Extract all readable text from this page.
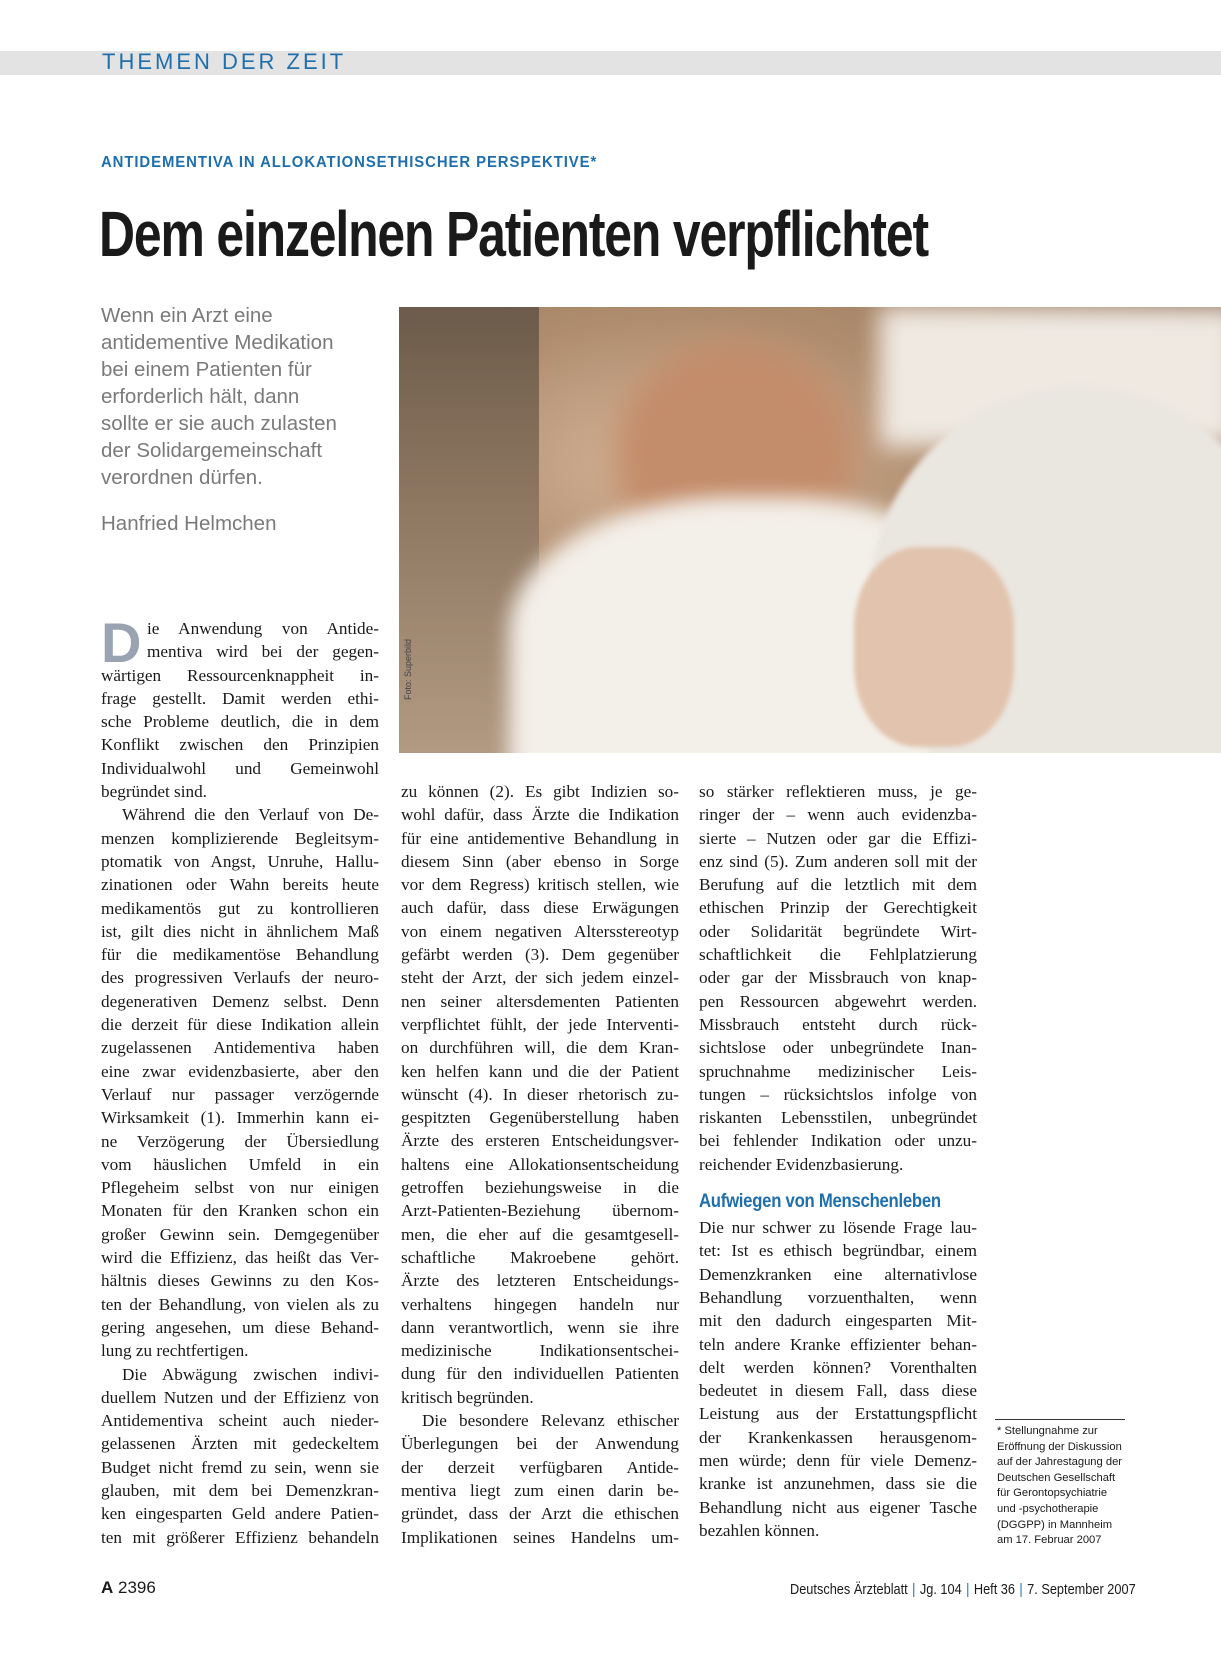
THEMEN DER ZEIT
ANTIDEMENTIVA IN ALLOKATIONSETHISCHER PERSPEKTIVE*
Dem einzelnen Patienten verpflichtet
Wenn ein Arzt eine
antidementive Medikation
bei einem Patienten für
erforderlich hält, dann
sollte er sie auch zulasten
der Solidargemeinschaft
verordnen dürfen.
Hanfried Helmchen
Foto: Superbild
D ie Anwendung von Antide-
mentiva wird bei der gegen-
wärtigen Ressourcenknappheit in-
frage gestellt. Damit werden ethi-
sche Probleme deutlich, die in dem
Konflikt zwischen den Prinzipien
Individualwohl und Gemeinwohl
begründet sind.
Während die den Verlauf von De-
menzen komplizierende Begleitsym-
ptomatik von Angst, Unruhe, Hallu-
zinationen oder Wahn bereits heute
medikamentös gut zu kontrollieren
ist, gilt dies nicht in ähnlichem Maß
für die medikamentöse Behandlung
des progressiven Verlaufs der neuro-
degenerativen Demenz selbst. Denn
die derzeit für diese Indikation allein
zugelassenen Antidementiva haben
eine zwar evidenzbasierte, aber den
Verlauf nur passager verzögernde
Wirksamkeit (1). Immerhin kann ei-
ne Verzögerung der Übersiedlung
vom häuslichen Umfeld in ein
Pflegeheim selbst von nur einigen
Monaten für den Kranken schon ein
großer Gewinn sein. Demgegenüber
wird die Effizienz, das heißt das Ver-
hältnis dieses Gewinns zu den Kos-
ten der Behandlung, von vielen als zu
gering angesehen, um diese Behand-
lung zu rechtfertigen.
Die Abwägung zwischen indivi-
duellem Nutzen und der Effizienz von
Antidementiva scheint auch nieder-
gelassenen Ärzten mit gedeckeltem
Budget nicht fremd zu sein, wenn sie
glauben, mit dem bei Demenzkran-
ken eingesparten Geld andere Patien-
ten mit größerer Effizienz behandeln
zu können (2). Es gibt Indizien so-
wohl dafür, dass Ärzte die Indikation
für eine antidementive Behandlung in
diesem Sinn (aber ebenso in Sorge
vor dem Regress) kritisch stellen, wie
auch dafür, dass diese Erwägungen
von einem negativen Altersstereotyp
gefärbt werden (3). Dem gegenüber
steht der Arzt, der sich jedem einzel-
nen seiner altersdementen Patienten
verpflichtet fühlt, der jede Interventi-
on durchführen will, die dem Kran-
ken helfen kann und die der Patient
wünscht (4). In dieser rhetorisch zu-
gespitzten Gegenüberstellung haben
Ärzte des ersteren Entscheidungsver-
haltens eine Allokationsentscheidung
getroffen beziehungsweise in die
Arzt-Patienten-Beziehung übernom-
men, die eher auf die gesamtgesell-
schaftliche Makroebene gehört.
Ärzte des letzteren Entscheidungs-
verhaltens hingegen handeln nur
dann verantwortlich, wenn sie ihre
medizinische Indikationsentschei-
dung für den individuellen Patienten
kritisch begründen.
Die besondere Relevanz ethischer
Überlegungen bei der Anwendung
der derzeit verfügbaren Antide-
mentiva liegt zum einen darin be-
gründet, dass der Arzt die ethischen
Implikationen seines Handelns um-
so stärker reflektieren muss, je ge-
ringer der – wenn auch evidenzba-
sierte – Nutzen oder gar die Effizi-
enz sind (5). Zum anderen soll mit der
Berufung auf die letztlich mit dem
ethischen Prinzip der Gerechtigkeit
oder Solidarität begründete Wirt-
schaftlichkeit die Fehlplatzierung
oder gar der Missbrauch von knap-
pen Ressourcen abgewehrt werden.
Missbrauch entsteht durch rück-
sichtslose oder unbegründete Inan-
spruchnahme medizinischer Leis-
tungen – rücksichtslos infolge von
riskanten Lebensstilen, unbegründet
bei fehlender Indikation oder unzu-
reichender Evidenzbasierung.
Aufwiegen von Menschenleben
Die nur schwer zu lösende Frage lau-
tet: Ist es ethisch begründbar, einem
Demenzkranken eine alternativlose
Behandlung vorzuenthalten, wenn
mit den dadurch eingesparten Mit-
teln andere Kranke effizienter behan-
delt werden können? Vorenthalten
bedeutet in diesem Fall, dass diese
Leistung aus der Erstattungspflicht
der Krankenkassen herausgenom-
men würde; denn für viele Demenz-
kranke ist anzunehmen, dass sie die
Behandlung nicht aus eigener Tasche
bezahlen können.
* Stellungnahme zur
Eröffnung der Diskussion
auf der Jahrestagung der
Deutschen Gesellschaft
für Gerontopsychiatrie
und -psychotherapie
(DGGPP) in Mannheim
am 17. Februar 2007
A 2396	Deutsches Ärzteblatt | Jg. 104 | Heft 36 | 7. September 2007
